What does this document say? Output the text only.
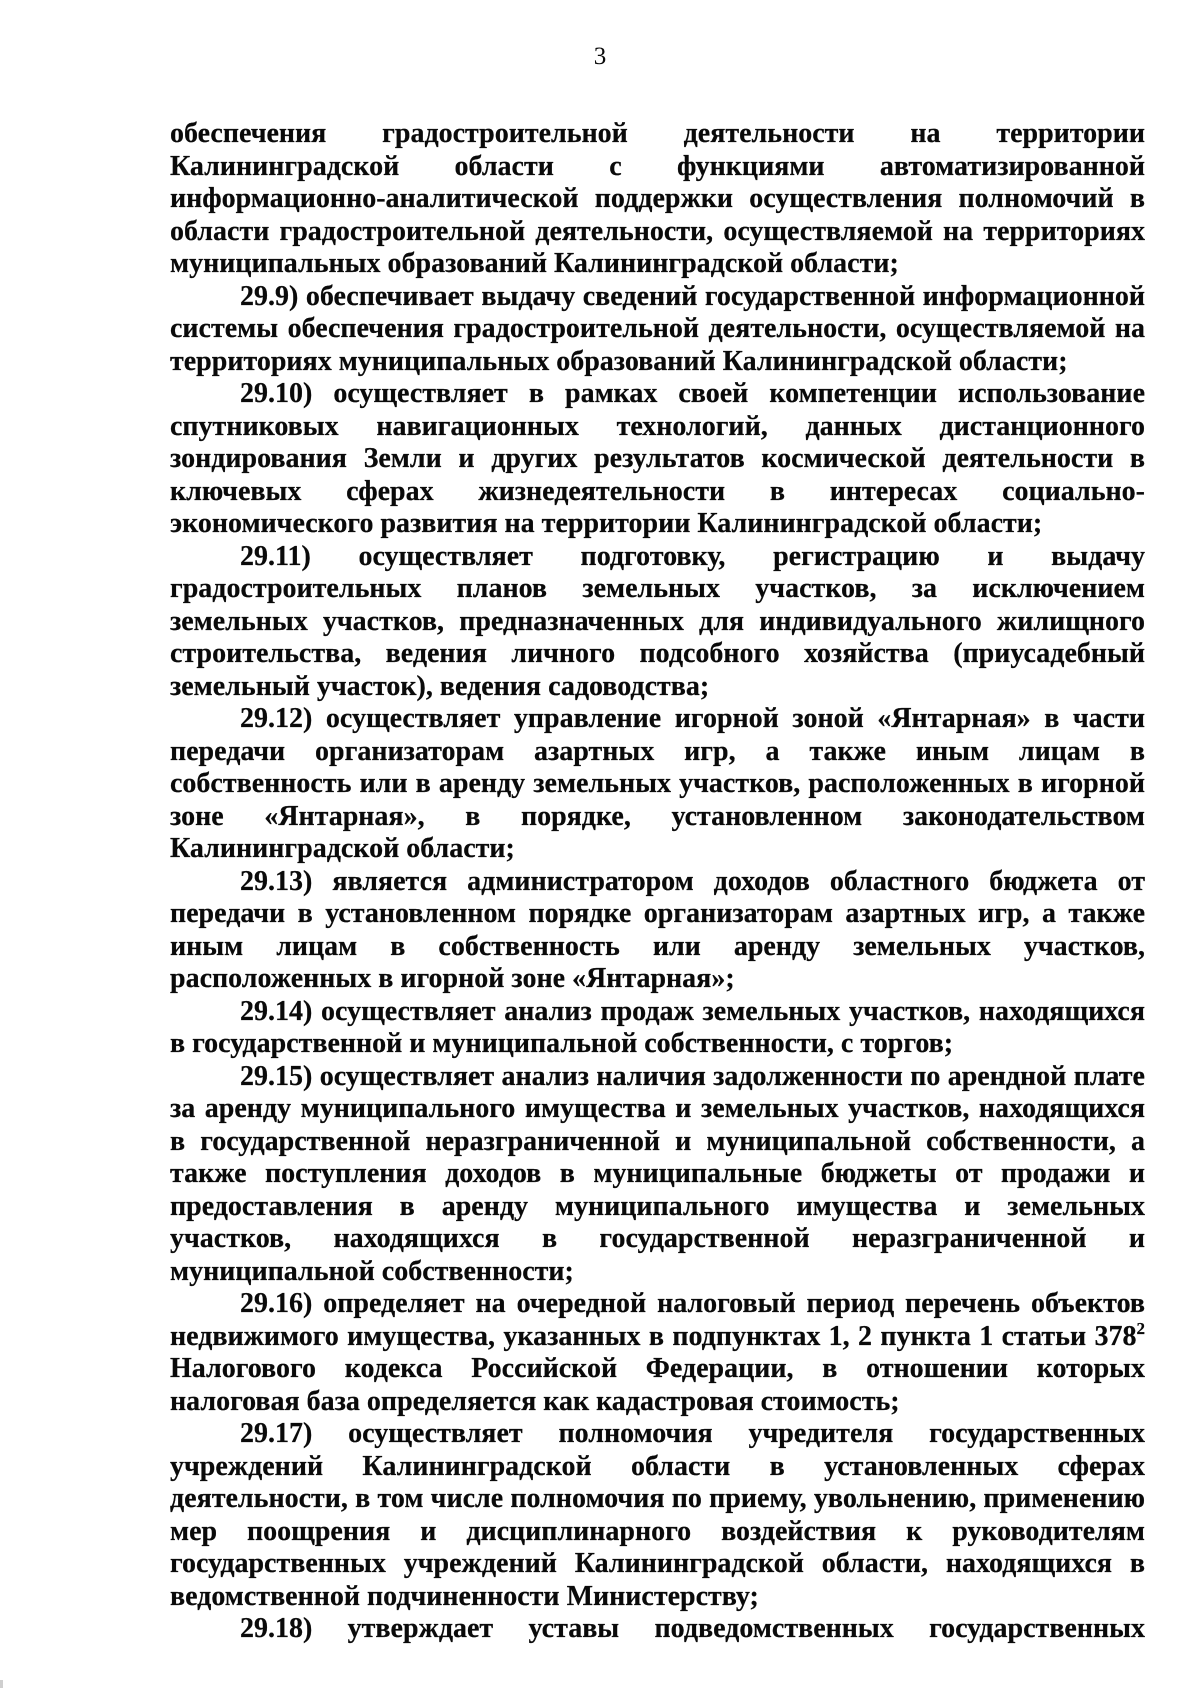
3

обеспечения градостроительной деятельности на территории Калининградской области с функциями автоматизированной информационно-аналитической поддержки осуществления полномочий в области градостроительной деятельности, осуществляемой на территориях муниципальных образований Калининградской области;

29.9) обеспечивает выдачу сведений государственной информационной системы обеспечения градостроительной деятельности, осуществляемой на территориях муниципальных образований Калининградской области;

29.10) осуществляет в рамках своей компетенции использование спутниковых навигационных технологий, данных дистанционного зондирования Земли и других результатов космической деятельности в ключевых сферах жизнедеятельности в интересах социально-экономического развития на территории Калининградской области;

29.11) осуществляет подготовку, регистрацию и выдачу градостроительных планов земельных участков, за исключением земельных участков, предназначенных для индивидуального жилищного строительства, ведения личного подсобного хозяйства (приусадебный земельный участок), ведения садоводства;

29.12) осуществляет управление игорной зоной «Янтарная» в части передачи организаторам азартных игр, а также иным лицам в собственность или в аренду земельных участков, расположенных в игорной зоне «Янтарная», в порядке, установленном законодательством Калининградской области;

29.13) является администратором доходов областного бюджета от передачи в установленном порядке организаторам азартных игр, а также иным лицам в собственность или аренду земельных участков, расположенных в игорной зоне «Янтарная»;

29.14) осуществляет анализ продаж земельных участков, находящихся в государственной и муниципальной собственности, с торгов;

29.15) осуществляет анализ наличия задолженности по арендной плате за аренду муниципального имущества и земельных участков, находящихся в государственной неразграниченной и муниципальной собственности, а также поступления доходов в муниципальные бюджеты от продажи и предоставления в аренду муниципального имущества и земельных участков, находящихся в государственной неразграниченной и муниципальной собственности;

29.16) определяет на очередной налоговый период перечень объектов недвижимого имущества, указанных в подпунктах 1, 2 пункта 1 статьи $378^2$ Налогового кодекса Российской Федерации, в отношении которых налоговая база определяется как кадастровая стоимость;

29.17) осуществляет полномочия учредителя государственных учреждений Калининградской области в установленных сферах деятельности, в том числе полномочия по приему, увольнению, применению мер поощрения и дисциплинарного воздействия к руководителям государственных учреждений Калининградской области, находящихся в ведомственной подчиненности Министерству;

29.18) утверждает уставы подведомственных государственных
